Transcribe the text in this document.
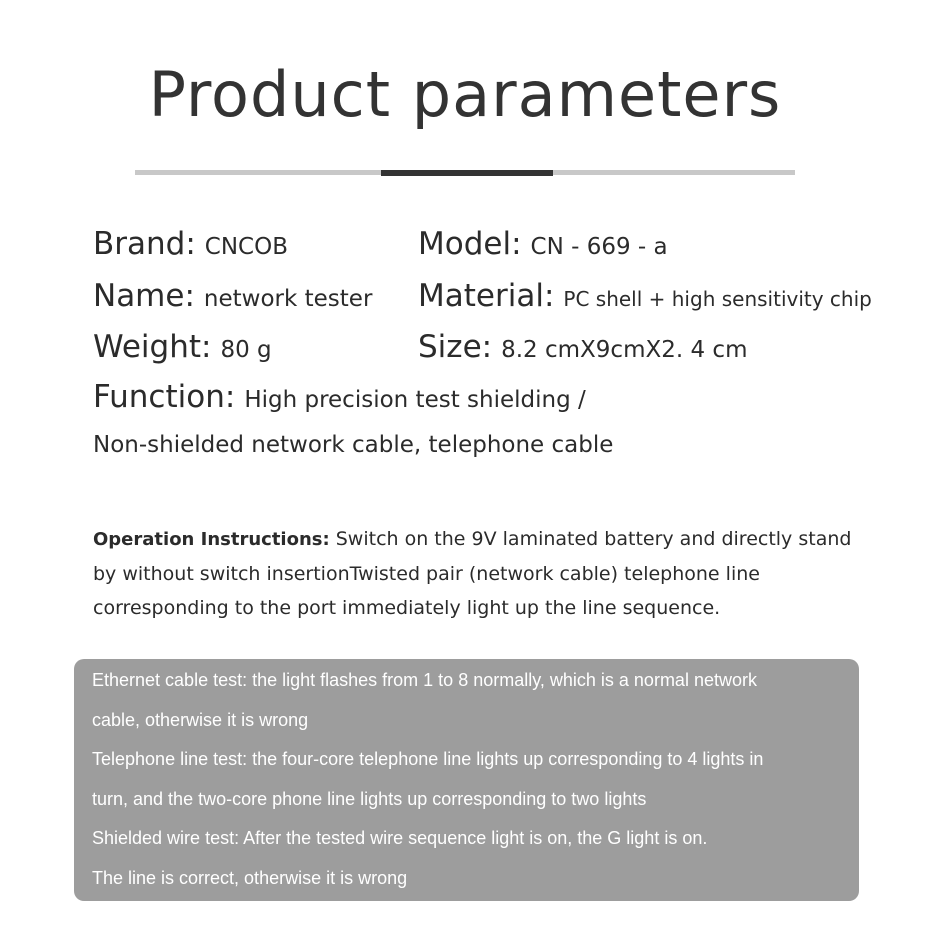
Product parameters
Brand: CNCOB	Model: CN - 669 - a
Name: network tester Material: PC shell + high sensitivity chip
Weight: 80 g	Size: 8.2 cmX9cmX2. 4 cm
Function: High precision test shielding /
Non-shielded network cable, telephone cable
Operation Instructions: Switch on the 9V laminated battery and directly stand by without switch insertionTwisted pair (network cable) telephone line corresponding to the port immediately light up the line sequence.
Ethernet cable test: the light flashes from 1 to 8 normally, which is a normal network
cable, otherwise it is wrong
Telephone line test: the four-core telephone line lights up corresponding to 4 lights in
turn, and the two-core phone line lights up corresponding to two lights
Shielded wire test: After the tested wire sequence light is on, the G light is on.
The line is correct, otherwise it is wrong
